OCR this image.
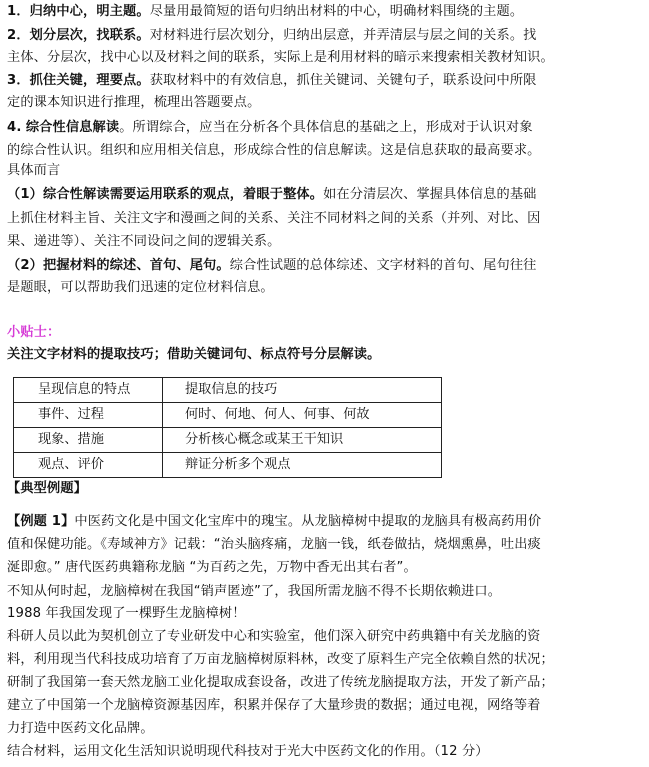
1．归纳中心，明主题。尽量用最简短的语句归纳出材料的中心，明确材料围绕的主题。
2．划分层次，找联系。对材料进行层次划分，归纳出层意，并弄清层与层之间的关系。找
主体、分层次，找中心以及材料之间的联系，实际上是利用材料的暗示来搜索相关教材知识。
3．抓住关键，理要点。获取材料中的有效信息，抓住关键词、关键句子，联系设问中所限
定的课本知识进行推理，梳理出答题要点。
4. 综合性信息解读。所谓综合，应当在分析各个具体信息的基础之上，形成对于认识对象
的综合性认识。组织和应用相关信息，形成综合性的信息解读。这是信息获取的最高要求。
具体而言
（1）综合性解读需要运用联系的观点，着眼于整体。如在分清层次、掌握具体信息的基础
上抓住材料主旨、关注文字和漫画之间的关系、关注不同材料之间的关系（并列、对比、因
果、递进等）、关注不同设问之间的逻辑关系。
（2）把握材料的综述、首句、尾句。综合性试题的总体综述、文字材料的首句、尾句往往
是题眼，可以帮助我们迅速的定位材料信息。
小贴士：
关注文字材料的提取技巧；借助关键词句、标点符号分层解读。
呈现信息的特点	提取信息的技巧
事件、过程	何时、何地、何人、何事、何故
现象、措施	分析核心概念或某王干知识
观点、评价	辩证分析多个观点
【典型例题】
【例题 1】中医药文化是中国文化宝库中的瑰宝。从龙脑樟树中提取的龙脑具有极高药用价
值和保健功能。《寿域神方》记载：“治头脑疼痛，龙脑一钱，纸卷做拈，烧烟熏鼻，吐出痰
涎即愈。” 唐代医药典籍称龙脑 “为百药之先，万物中香无出其右者”。
不知从何时起，龙脑樟树在我国“销声匿迹”了，我国所需龙脑不得不长期依赖进口。
1988 年我国发现了一棵野生龙脑樟树！
科研人员以此为契机创立了专业研发中心和实验室，他们深入研究中药典籍中有关龙脑的资
料，利用现当代科技成功培育了万亩龙脑樟树原料林，改变了原料生产完全依赖自然的状况；
研制了我国第一套天然龙脑工业化提取成套设备，改进了传统龙脑提取方法，开发了新产品；
建立了中国第一个龙脑樟资源基因库，积累并保存了大量珍贵的数据；通过电视，网络等着
力打造中医药文化品牌。
结合材料，运用文化生活知识说明现代科技对于光大中医药文化的作用。（12 分）
